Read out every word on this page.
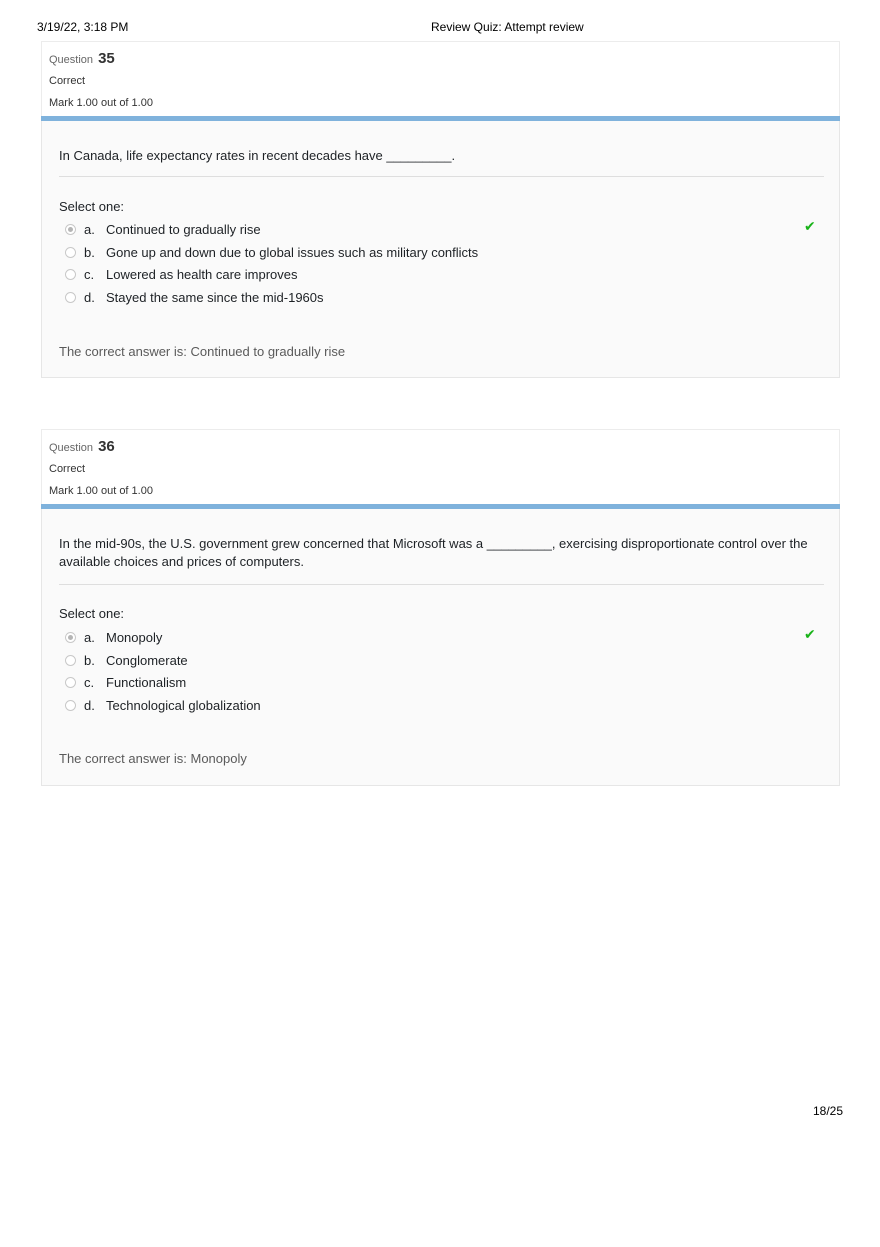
3/19/22, 3:18 PM	Review Quiz: Attempt review
Question 35
Correct
Mark 1.00 out of 1.00
In Canada, life expectancy rates in recent decades have _________.
Select one:
a. Continued to gradually rise	✔
b. Gone up and down due to global issues such as military conflicts
c. Lowered as health care improves
d. Stayed the same since the mid-1960s
The correct answer is: Continued to gradually rise
Question 36
Correct
Mark 1.00 out of 1.00
In the mid-90s, the U.S. government grew concerned that Microsoft was a _________, exercising disproportionate control over the available choices and prices of computers.
Select one:
a. Monopoly	✔
b. Conglomerate
c. Functionalism
d. Technological globalization
The correct answer is: Monopoly
18/25
